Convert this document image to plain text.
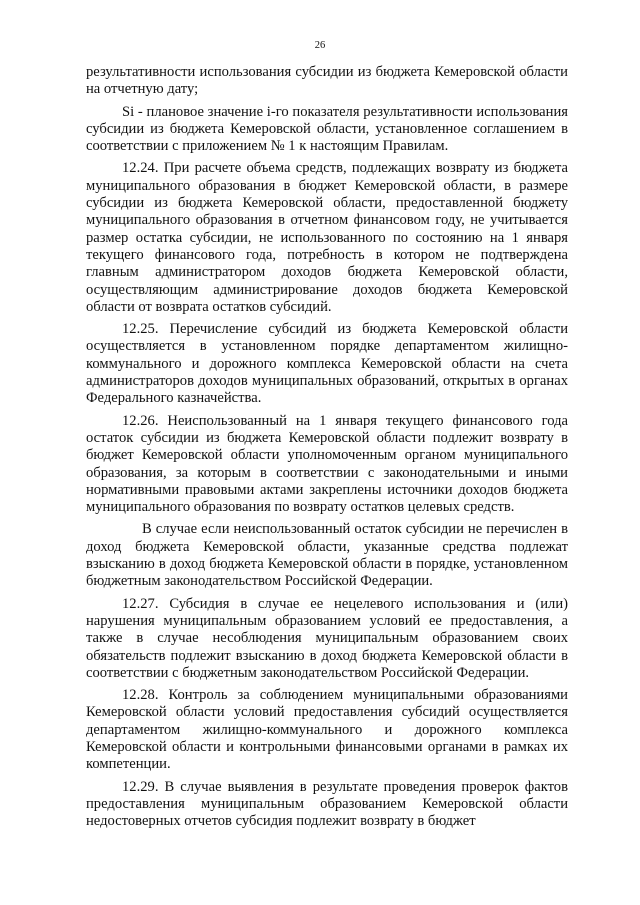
26

результативности использования субсидии из бюджета Кемеровской области на отчетную дату;

Si - плановое значение i-го показателя результативности использования субсидии из бюджета Кемеровской области, установленное соглашением в соответствии с приложением № 1 к настоящим Правилам.

12.24. При расчете объема средств, подлежащих возврату из бюджета муниципального образования в бюджет Кемеровской области, в размере субсидии из бюджета Кемеровской области, предоставленной бюджету муниципального образования в отчетном финансовом году, не учитывается размер остатка субсидии, не использованного по состоянию на 1 января текущего финансового года, потребность в котором не подтверждена главным администратором доходов бюджета Кемеровской области, осуществляющим администрирование доходов бюджета Кемеровской области от возврата остатков субсидий.

12.25. Перечисление субсидий из бюджета Кемеровской области осуществляется в установленном порядке департаментом жилищно-коммунального и дорожного комплекса Кемеровской области на счета администраторов доходов муниципальных образований, открытых в органах Федерального казначейства.

12.26. Неиспользованный на 1 января текущего финансового года остаток субсидии из бюджета Кемеровской области подлежит возврату в бюджет Кемеровской области уполномоченным органом муниципального образования, за которым в соответствии с законодательными и иными нормативными правовыми актами закреплены источники доходов бюджета муниципального образования по возврату остатков целевых средств.

В случае если неиспользованный остаток субсидии не перечислен в доход бюджета Кемеровской области, указанные средства подлежат взысканию в доход бюджета Кемеровской области в порядке, установленном бюджетным законодательством Российской Федерации.

12.27. Субсидия в случае ее нецелевого использования и (или) нарушения муниципальным образованием условий ее предоставления, а также в случае несоблюдения муниципальным образованием своих обязательств подлежит взысканию в доход бюджета Кемеровской области в соответствии с бюджетным законодательством Российской Федерации.

12.28. Контроль за соблюдением муниципальными образованиями Кемеровской области условий предоставления субсидий осуществляется департаментом жилищно-коммунального и дорожного комплекса Кемеровской области и контрольными финансовыми органами в рамках их компетенции.

12.29. В случае выявления в результате проведения проверок фактов предоставления муниципальным образованием Кемеровской области недостоверных отчетов субсидия подлежит возврату в бюджет
